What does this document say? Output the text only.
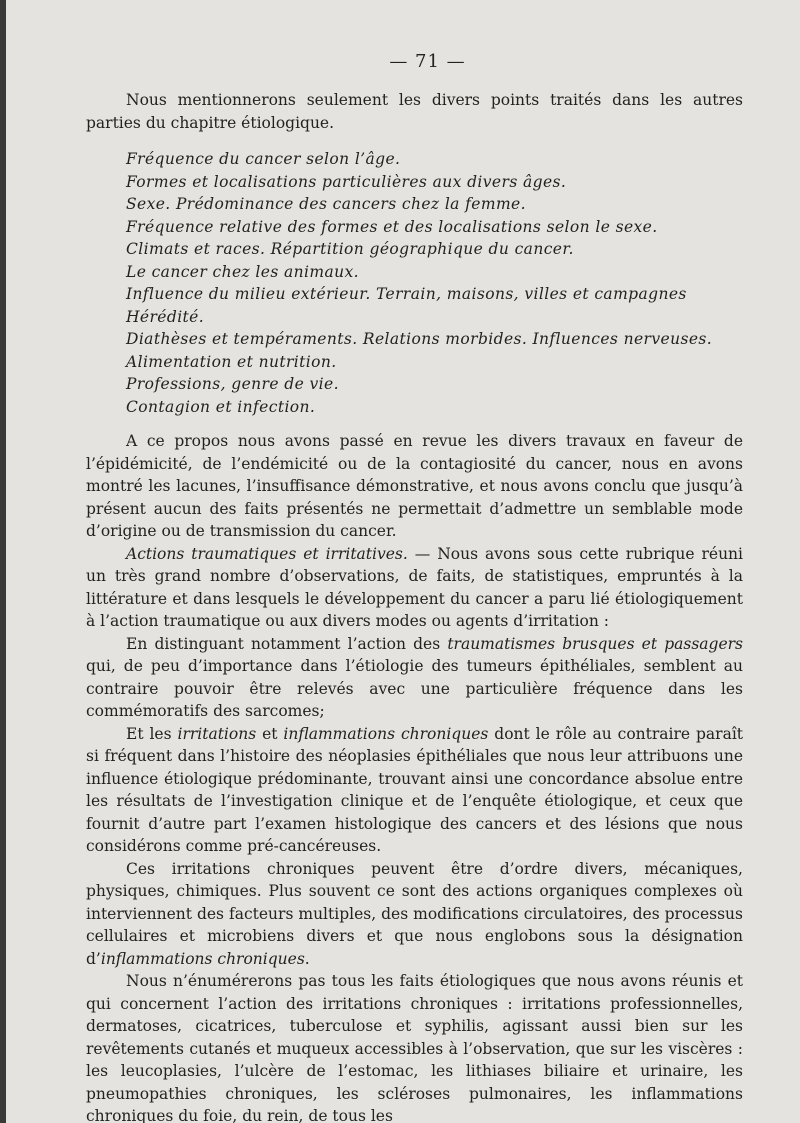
— 71 —

Nous mentionnerons seulement les divers points traités dans les autres parties du chapitre étiologique.

Fréquence du cancer selon l’âge.
Formes et localisations particulières aux divers âges.
Sexe. Prédominance des cancers chez la femme.
Fréquence relative des formes et des localisations selon le sexe.
Climats et races. Répartition géographique du cancer.
Le cancer chez les animaux.
Influence du milieu extérieur. Terrain, maisons, villes et campagnes
Hérédité.
Diathèses et tempéraments. Relations morbides. Influences nerveuses.
Alimentation et nutrition.
Professions, genre de vie.
Contagion et infection.

A ce propos nous avons passé en revue les divers travaux en faveur de l’épidémicité, de l’endémicité ou de la contagiosité du cancer, nous en avons montré les lacunes, l’insuffisance démonstrative, et nous avons conclu que jusqu’à présent aucun des faits présentés ne permettait d’admettre un semblable mode d’origine ou de transmission du cancer.

Actions traumatiques et irritatives. — Nous avons sous cette rubrique réuni un très grand nombre d’observations, de faits, de statistiques, empruntés à la littérature et dans lesquels le développement du cancer a paru lié étiologiquement à l’action traumatique ou aux divers modes ou agents d’irritation :

En distinguant notamment l’action des traumatismes brusques et passagers qui, de peu d’importance dans l’étiologie des tumeurs épithéliales, semblent au contraire pouvoir être relevés avec une particulière fréquence dans les commémoratifs des sarcomes;

Et les irritations et inflammations chroniques dont le rôle au contraire paraît si fréquent dans l’histoire des néoplasies épithéliales que nous leur attribuons une influence étiologique prédominante, trouvant ainsi une concordance absolue entre les résultats de l’investigation clinique et de l’enquête étiologique, et ceux que fournit d’autre part l’examen histologique des cancers et des lésions que nous considérons comme pré-cancéreuses.

Ces irritations chroniques peuvent être d’ordre divers, mécaniques, physiques, chimiques. Plus souvent ce sont des actions organiques complexes où interviennent des facteurs multiples, des modifications circulatoires, des processus cellulaires et microbiens divers et que nous englobons sous la désignation d’inflammations chroniques.

Nous n’énumérerons pas tous les faits étiologiques que nous avons réunis et qui concernent l’action des irritations chroniques : irritations professionnelles, dermatoses, cicatrices, tuberculose et syphilis, agissant aussi bien sur les revêtements cutanés et muqueux accessibles à l’observation, que sur les viscères : les leucoplasies, l’ulcère de l’estomac, les lithiases biliaire et urinaire, les pneumopathies chroniques, les scléroses pulmonaires, les inflammations chroniques du foie, du rein, de tous les
